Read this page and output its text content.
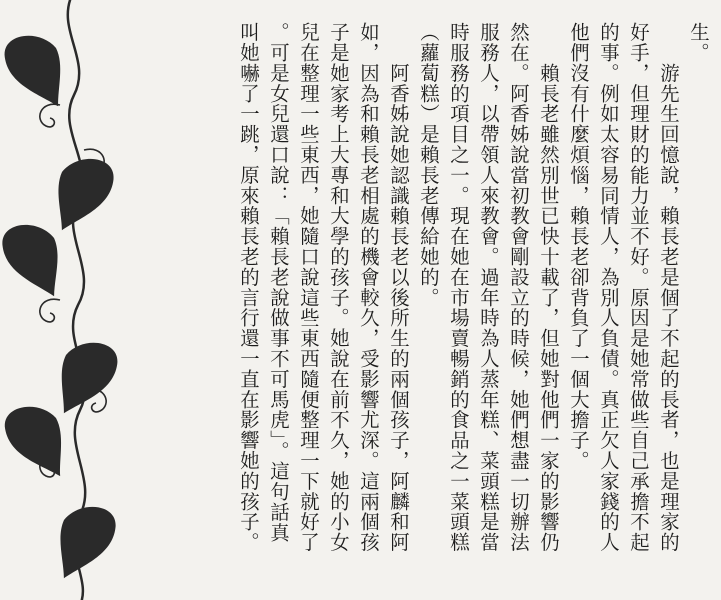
生。
　　游先生回憶說，賴長老是個了不起的長者，也是理家的
好手，但理財的能力並不好。原因是她常做些自己承擔不起
的事。例如太容易同情人，為別人負債。真正欠人家錢的人
他們沒有什麼煩惱，賴長老卻背負了一個大擔子。
　　賴長老雖然別世已快十載了，但她對他們一家的影響仍
然在。阿香姊說當初教會剛設立的時候，她們想盡一切辦法
服務人，以帶領人來教會。過年時為人蒸年糕、菜頭糕是當
時服務的項目之一。現在她在市場賣暢銷的食品之一菜頭糕
（蘿蔔糕）是賴長老傳給她的。
　　阿香姊說她認識賴長老以後所生的兩個孩子，阿麟和阿
如，因為和賴長老相處的機會較久，受影響尤深。這兩個孩
子是她家考上大專和大學的孩子。她說在前不久，她的小女
兒在整理一些東西，她隨口說這些東西隨便整理一下就好了
。可是女兒還口說：「賴長老說做事不可馬虎」。這句話真
叫她嚇了一跳，原來賴長老的言行還一直在影響她的孩子。
